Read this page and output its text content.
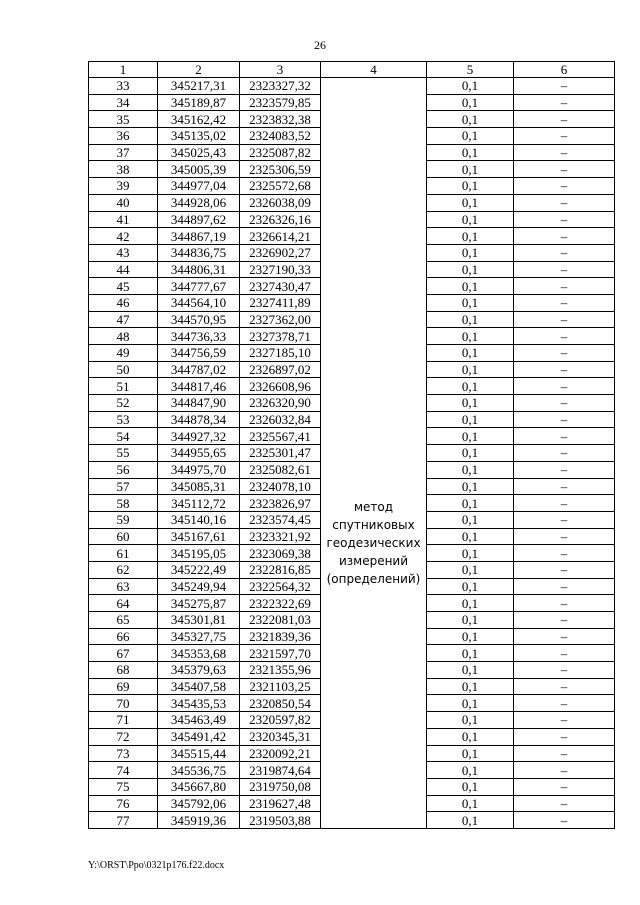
26
1	2	3	4	5	6
33	345217,31	2323327,32	метод
спутниковых
геодезических
измерений
(определений)	0,1	–
34	345189,87	2323579,85		0,1	–
35	345162,42	2323832,38		0,1	–
36	345135,02	2324083,52		0,1	–
37	345025,43	2325087,82		0,1	–
38	345005,39	2325306,59		0,1	–
39	344977,04	2325572,68		0,1	–
40	344928,06	2326038,09		0,1	–
41	344897,62	2326326,16		0,1	–
42	344867,19	2326614,21		0,1	–
43	344836,75	2326902,27		0,1	–
44	344806,31	2327190,33		0,1	–
45	344777,67	2327430,47		0,1	–
46	344564,10	2327411,89		0,1	–
47	344570,95	2327362,00		0,1	–
48	344736,33	2327378,71		0,1	–
49	344756,59	2327185,10		0,1	–
50	344787,02	2326897,02		0,1	–
51	344817,46	2326608,96		0,1	–
52	344847,90	2326320,90		0,1	–
53	344878,34	2326032,84		0,1	–
54	344927,32	2325567,41		0,1	–
55	344955,65	2325301,47		0,1	–
56	344975,70	2325082,61		0,1	–
57	345085,31	2324078,10		0,1	–
58	345112,72	2323826,97		0,1	–
59	345140,16	2323574,45		0,1	–
60	345167,61	2323321,92		0,1	–
61	345195,05	2323069,38		0,1	–
62	345222,49	2322816,85		0,1	–
63	345249,94	2322564,32		0,1	–
64	345275,87	2322322,69		0,1	–
65	345301,81	2322081,03		0,1	–
66	345327,75	2321839,36		0,1	–
67	345353,68	2321597,70		0,1	–
68	345379,63	2321355,96		0,1	–
69	345407,58	2321103,25		0,1	–
70	345435,53	2320850,54		0,1	–
71	345463,49	2320597,82		0,1	–
72	345491,42	2320345,31		0,1	–
73	345515,44	2320092,21		0,1	–
74	345536,75	2319874,64		0,1	–
75	345667,80	2319750,08		0,1	–
76	345792,06	2319627,48		0,1	–
77	345919,36	2319503,88		0,1	–
Y:\ORST\Ppo\0321p176.f22.docx
